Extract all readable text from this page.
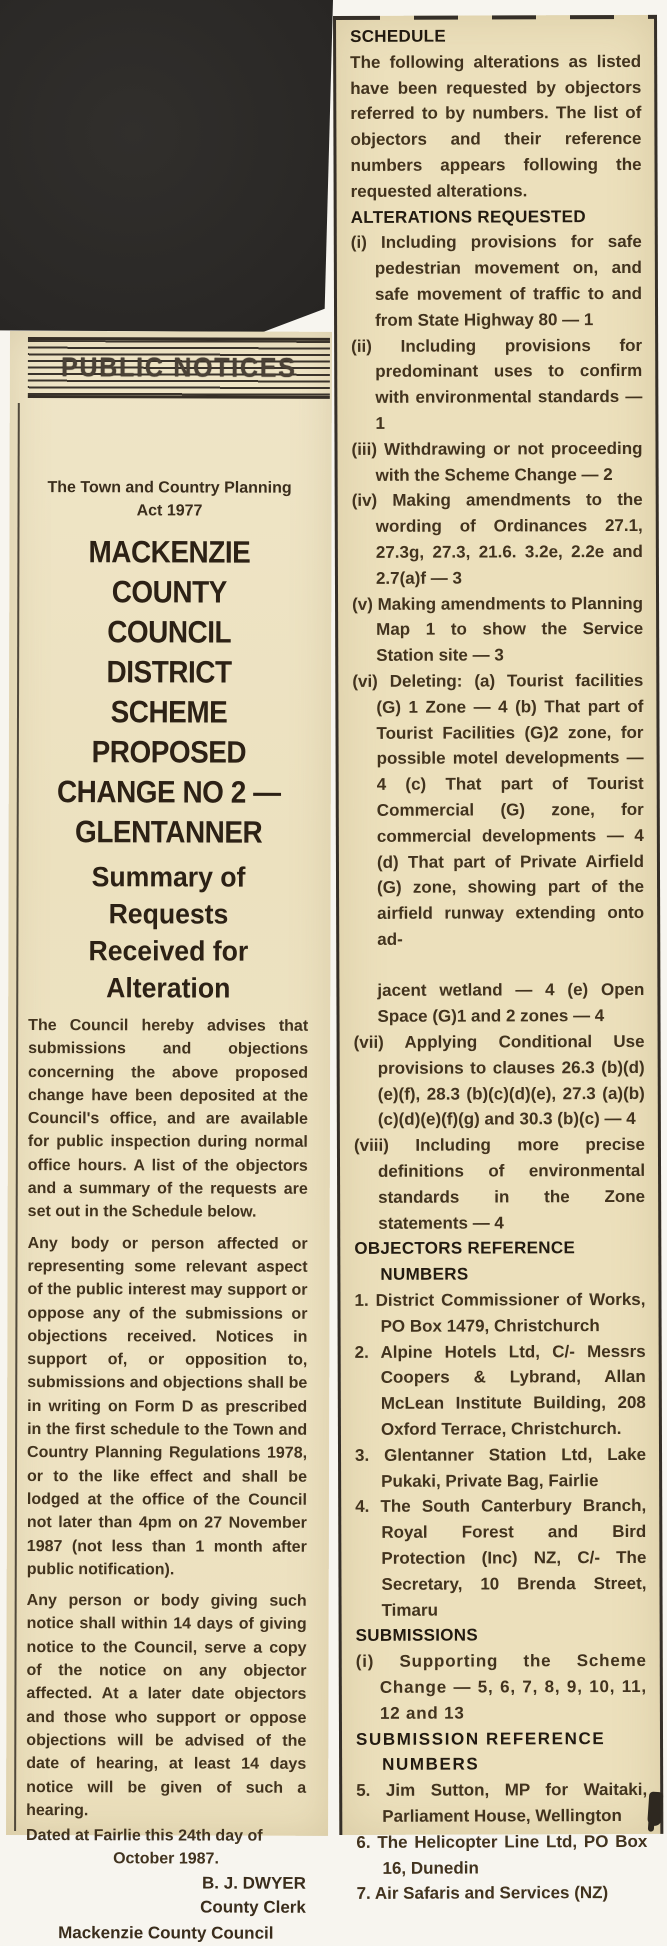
PUBLIC NOTICES
The Town and Country Planning
Act 1977
MACKENZIE COUNTY
COUNCIL DISTRICT
SCHEME PROPOSED
CHANGE NO 2 —
GLENTANNER
Summary of Requests
Received for Alteration

The Council hereby advises that submissions and objections concerning the above proposed change have been deposited at the Council's office, and are available for public inspection during normal office hours. A list of the objectors and a summary of the requests are set out in the Schedule below.

Any body or person affected or representing some relevant aspect of the public interest may support or oppose any of the submissions or objections received. Notices in support of, or opposition to, submissions and objections shall be in writing on Form D as prescribed in the first schedule to the Town and Country Planning Regulations 1978, or to the like effect and shall be lodged at the office of the Council not later than 4pm on 27 November 1987 (not less than 1 month after public notification).

Any person or body giving such notice shall within 14 days of giving notice to the Council, serve a copy of the notice on any objector affected. At a later date objectors and those who support or oppose objections will be advised of the date of hearing, at least 14 days notice will be given of such a hearing.

Dated at Fairlie this 24th day of
October 1987.
B. J. DWYER
County Clerk
Mackenzie County Council
SCHEDULE
The following alterations as listed have been requested by objectors referred to by numbers. The list of objectors and their reference numbers appears following the requested alterations.
ALTERATIONS REQUESTED
(i) Including provisions for safe pedestrian movement on, and safe movement of traffic to and from State Highway 80 — 1
(ii) Including provisions for predominant uses to confirm with environmental standards — 1
(iii) Withdrawing or not proceeding with the Scheme Change — 2
(iv) Making amendments to the wording of Ordinances 27.1, 27.3g, 27.3, 21.6. 3.2e, 2.2e and 2.7(a)f — 3
(v) Making amendments to Planning Map 1 to show the Service Station site — 3
(vi) Deleting: (a) Tourist facilities (G) 1 Zone — 4 (b) That part of Tourist Facilities (G)2 zone, for possible motel developments — 4 (c) That part of Tourist Commercial (G) zone, for commercial developments — 4 (d) That part of Private Airfield (G) zone, showing part of the airfield runway extending onto ad-
jacent wetland — 4 (e) Open Space (G)1 and 2 zones — 4
(vii) Applying Conditional Use provisions to clauses 26.3 (b)(d)(e)(f), 28.3 (b)(c)(d)(e), 27.3 (a)(b)(c)(d)(e)(f)(g) and 30.3 (b)(c) — 4
(viii) Including more precise definitions of environmental standards in the Zone statements — 4
OBJECTORS REFERENCE NUMBERS
1. District Commissioner of Works, PO Box 1479, Christchurch
2. Alpine Hotels Ltd, C/- Messrs Coopers & Lybrand, Allan McLean Institute Building, 208 Oxford Terrace, Christchurch.
3. Glentanner Station Ltd, Lake Pukaki, Private Bag, Fairlie
4. The South Canterbury Branch, Royal Forest and Bird Protection (Inc) NZ, C/- The Secretary, 10 Brenda Street, Timaru
SUBMISSIONS
(i) Supporting the Scheme Change — 5, 6, 7, 8, 9, 10, 11, 12 and 13
SUBMISSION REFERENCE NUMBERS
5. Jim Sutton, MP for Waitaki, Parliament House, Wellington
6. The Helicopter Line Ltd, PO Box 16, Dunedin
7. Air Safaris and Services (NZ)
